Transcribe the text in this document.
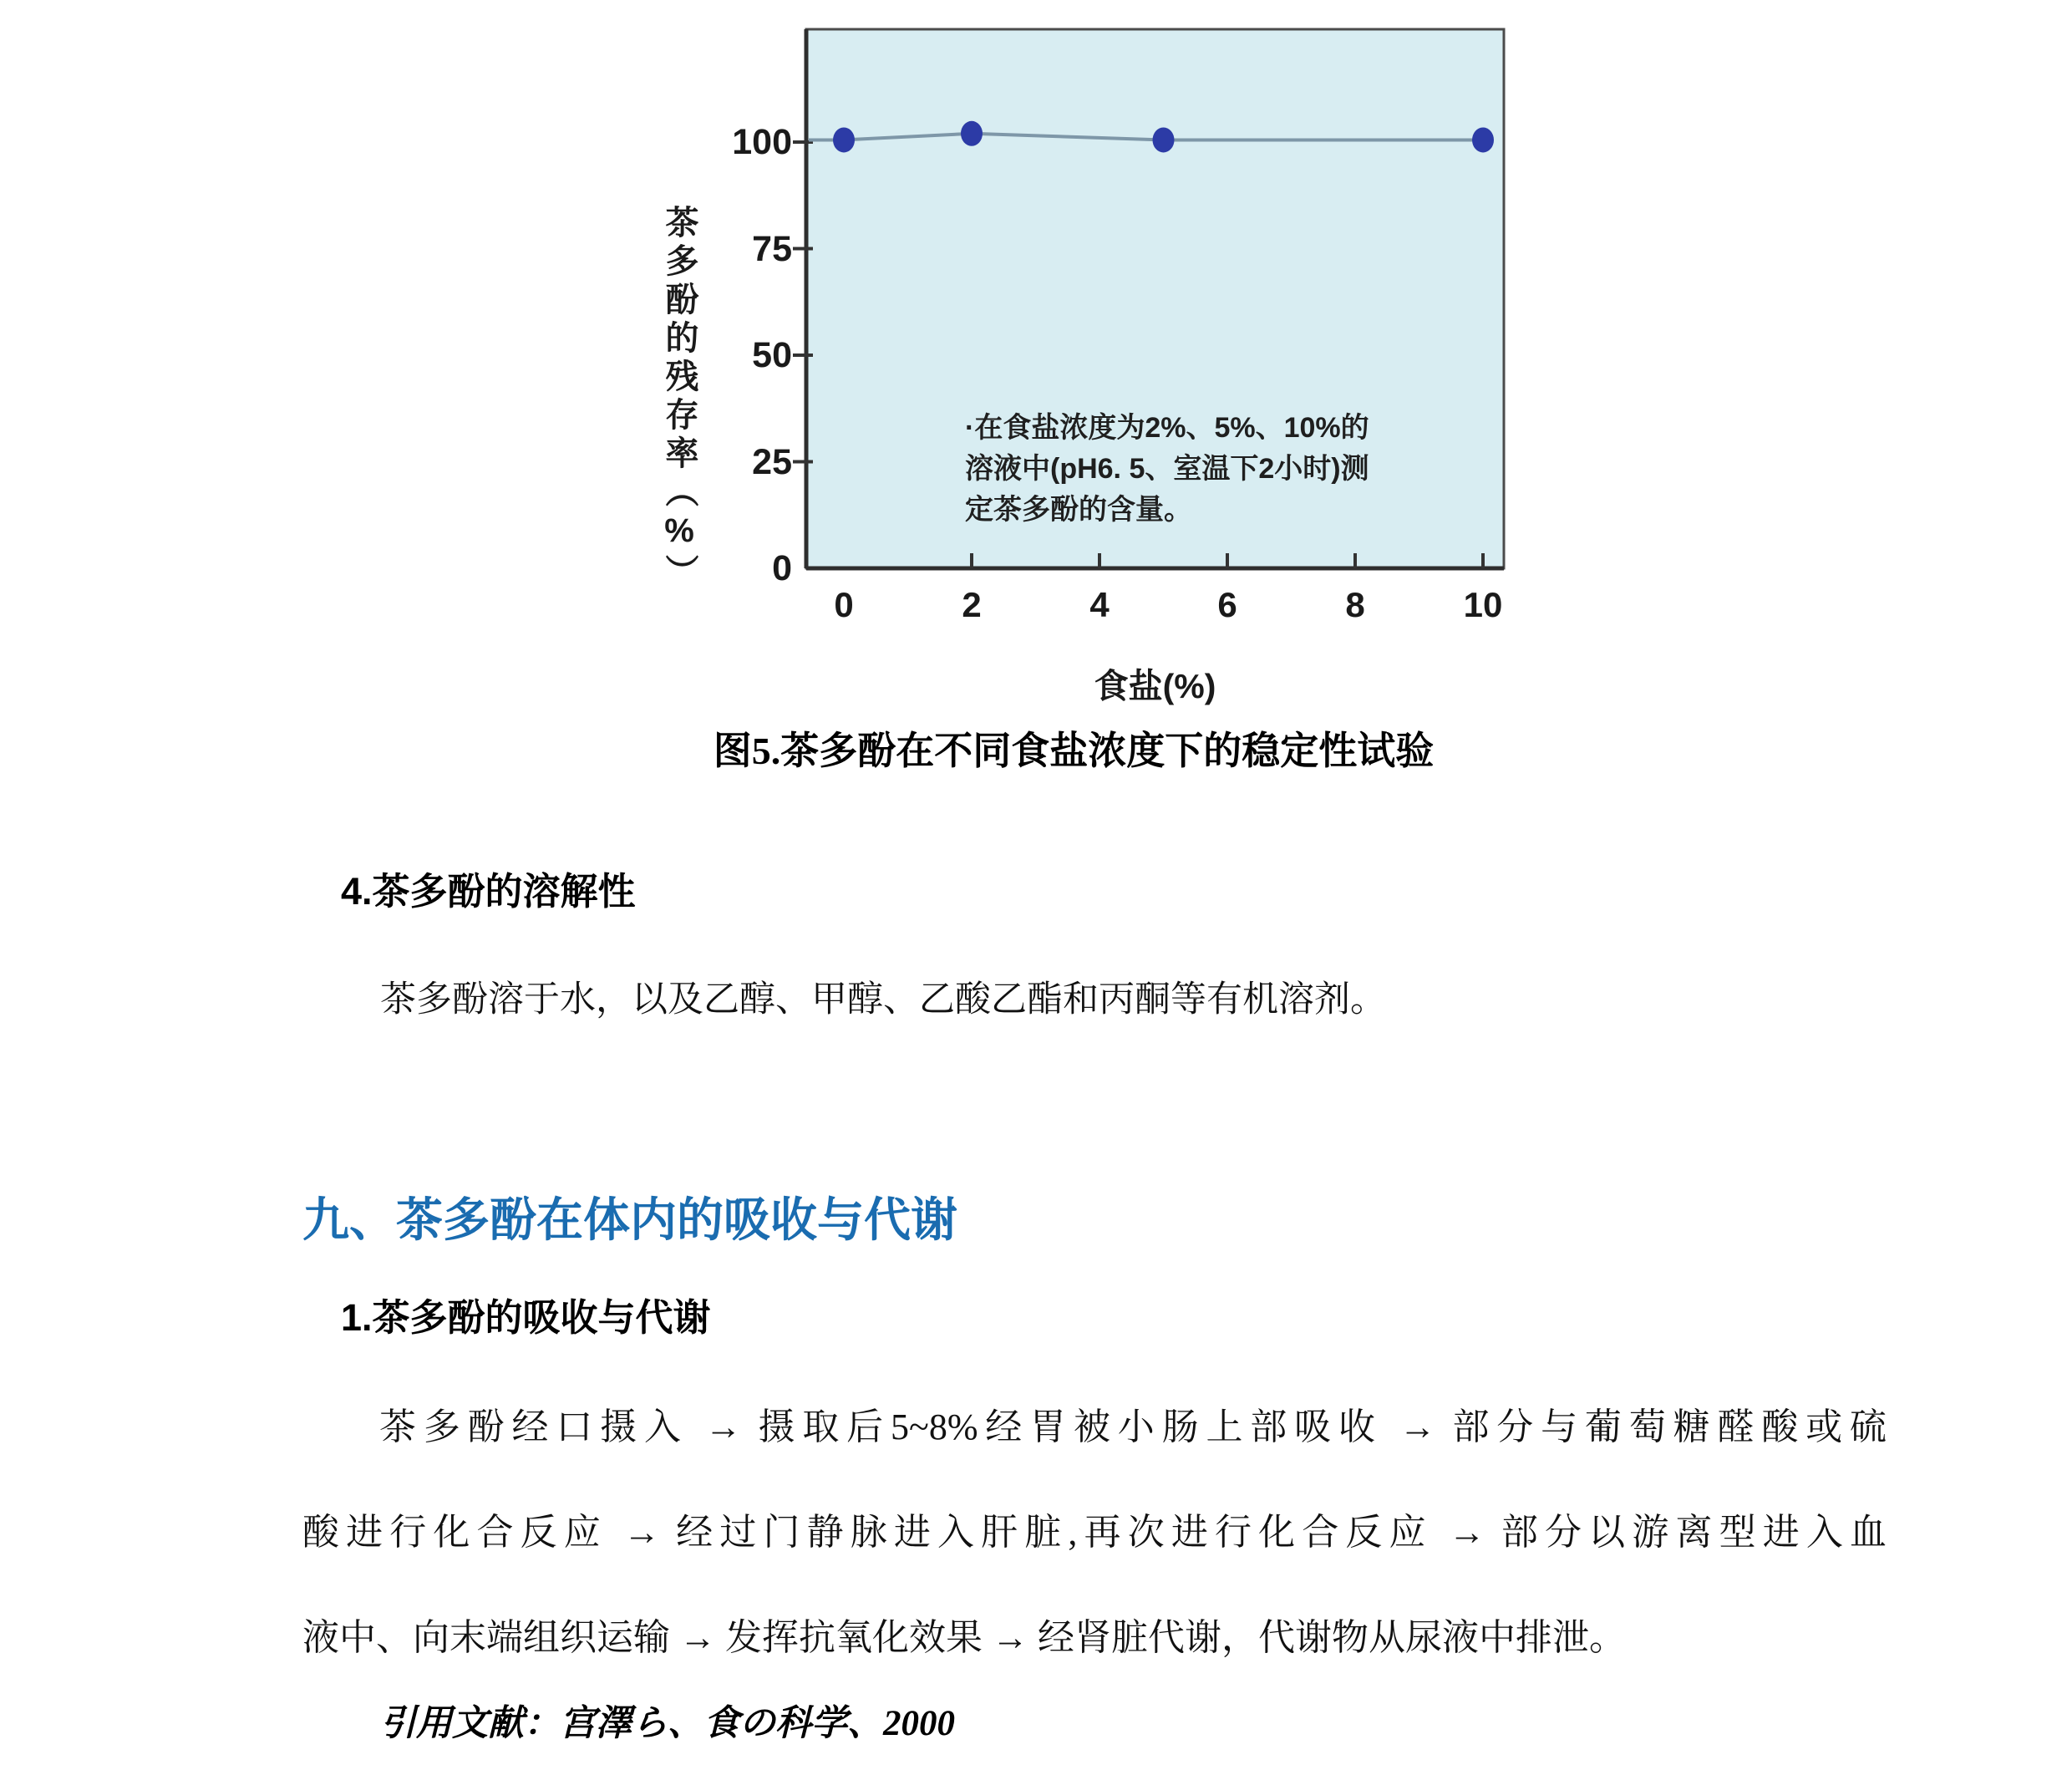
茶多酚的残存率（%）	·在食盐浓度为2%、5%、10%的
溶液中(pH6. 5、室温下2小时)测
定茶多酚的含量。
食盐(%)
0
25
50
75
100
0	2	4	6	8	10
图5.茶多酚在不同食盐浓度下的稳定性试验
4.茶多酚的溶解性
茶多酚溶于水，以及乙醇、甲醇、乙酸乙酯和丙酮等有机溶剂。
九、茶多酚在体内的吸收与代谢
1.茶多酚的吸收与代谢
茶多酚经口摄入 → 摄取后5~8%经胃被小肠上部吸收 → 部分与葡萄糖醛酸或硫
酸进行化合反应 → 经过门静脉进入肝脏,再次进行化合反应 → 部分以游离型进入血
液中、向末端组织运输 → 发挥抗氧化效果 → 经肾脏代谢，代谢物从尿液中排泄。
引用文献：宫澤ら、食の科学、2000
